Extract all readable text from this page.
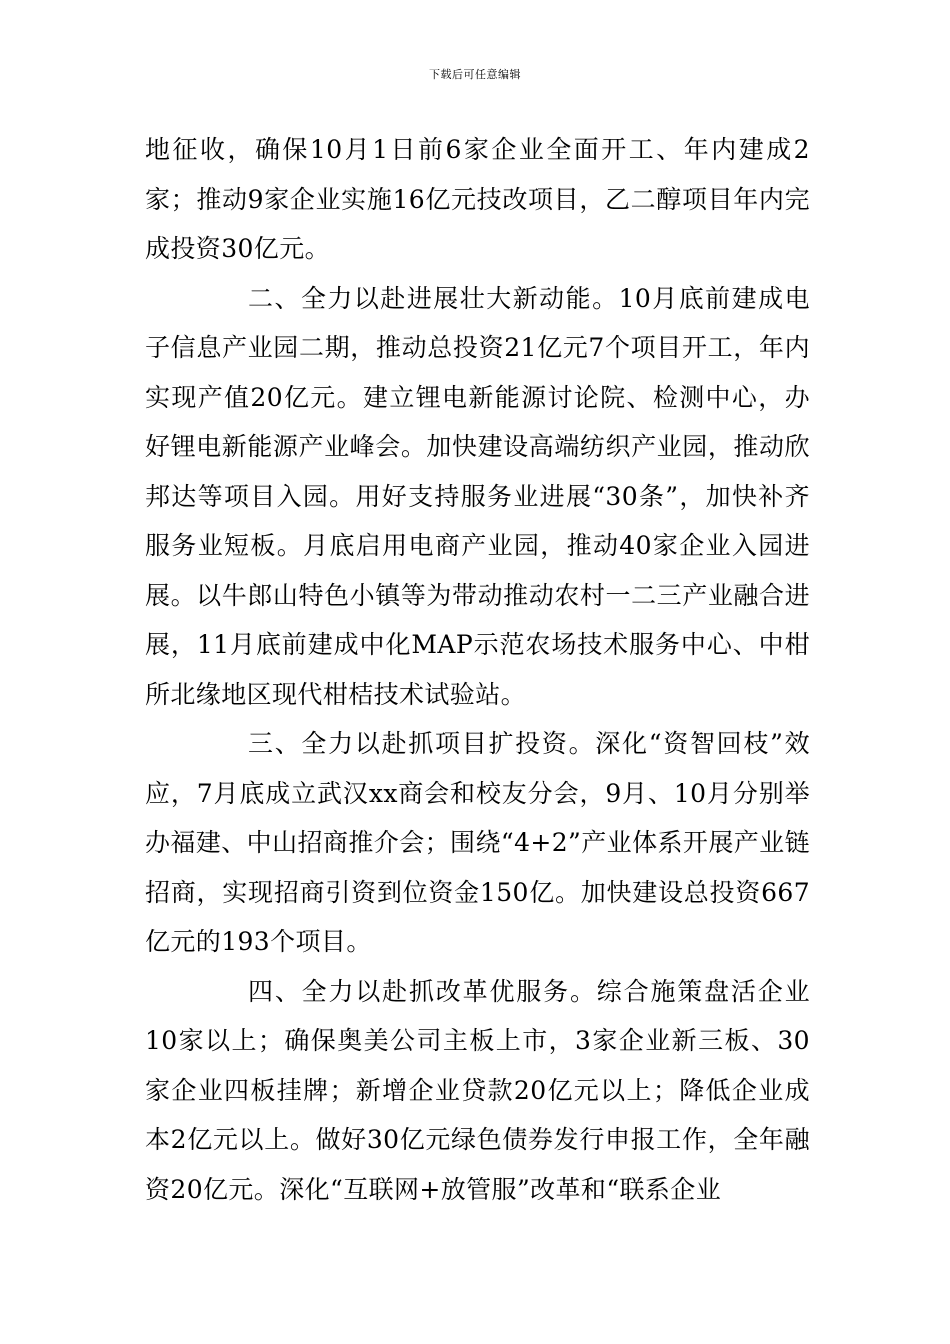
下载后可任意编辑

地征收，确保10月1日前6家企业全面开工、年内建成2家；推动9家企业实施16亿元技改项目，乙二醇项目年内完成投资30亿元。

二、全力以赴进展壮大新动能。10月底前建成电子信息产业园二期，推动总投资21亿元7个项目开工，年内实现产值20亿元。建立锂电新能源讨论院、检测中心，办好锂电新能源产业峰会。加快建设高端纺织产业园，推动欣邦达等项目入园。用好支持服务业进展“30条”，加快补齐服务业短板。月底启用电商产业园，推动40家企业入园进展。以牛郎山特色小镇等为带动推动农村一二三产业融合进展，11月底前建成中化MAP示范农场技术服务中心、中柑所北缘地区现代柑桔技术试验站。

三、全力以赴抓项目扩投资。深化“资智回枝”效应，7月底成立武汉xx商会和校友分会，9月、10月分别举办福建、中山招商推介会；围绕“4+2”产业体系开展产业链招商，实现招商引资到位资金150亿。加快建设总投资667亿元的193个项目。

四、全力以赴抓改革优服务。综合施策盘活企业10家以上；确保奥美公司主板上市，3家企业新三板、30家企业四板挂牌；新增企业贷款20亿元以上；降低企业成本2亿元以上。做好30亿元绿色债券发行申报工作，全年融资20亿元。深化“互联网+放管服”改革和“联系企业
